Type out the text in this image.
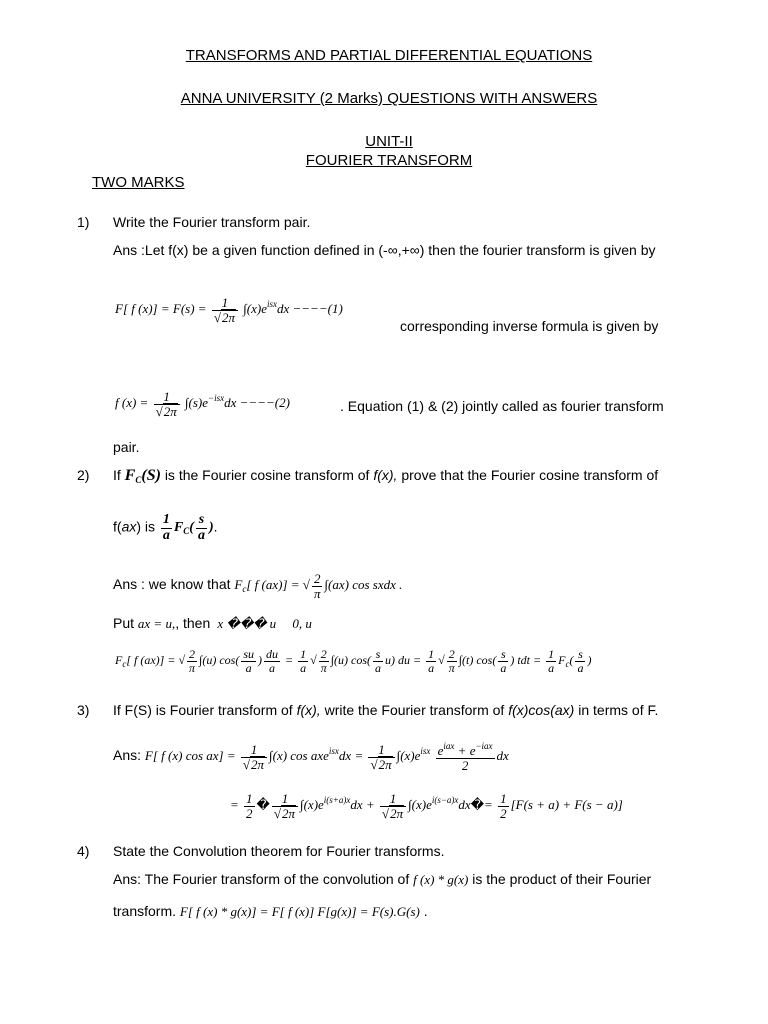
TRANSFORMS AND PARTIAL DIFFERENTIAL EQUATIONS
ANNA UNIVERSITY (2 Marks) QUESTIONS WITH ANSWERS
UNIT-II
FOURIER TRANSFORM
TWO MARKS
1) Write the Fourier transform pair.
Ans :Let f(x) be a given function defined in (-∞,+∞) then the fourier transform is given by
F[ f $(x)] = F(s) = \frac{1}{√2\pi} \int(x)e^{isx}dx ----(1)$
corresponding inverse formula is given by
f $(x) = \frac{1}{√2\pi} \int(s)e^{-isx}dx ----(2)$	. Equation (1) & (2) jointly called as fourier transform
pair.
2) If $F_C(S)$ is the Fourier cosine transform of f(x), prove that the Fourier cosine transform of
f(ax) is $\frac{1}{a} F_C( \frac{s}{a}$ ).
Ans : we know that $F_c$[ f (ax)] = √ $\frac{2}{\pi} \int(ax)$ cos sxdx .
Put ax = u,, then  x ��� u     0, u
$F_c$[ f (ax)] = √ $\frac{2}{\pi} \int(u)$ $\cos( \frac{su}{a}$ ) $\frac{du}{a} = \frac{1}{a}$ √ $\frac{2}{\pi} \int(u)$ $\cos( \frac{s}{a} u)$ du = $\frac{1}{a}$ √ $\frac{2}{\pi} \int(t)$ $\cos( \frac{s}{a}$ ) tdt = $\frac{1}{a} F_c( \frac{s}{a}$ )
3) If F(S) is Fourier transform of f(x), write the Fourier transform of f(x)cos(ax) in terms of F.
Ans: F[ f (x) $\cos ax] = \frac{1}{√2\pi} \int(x)$ $\cos axe^{isx}dx = \frac{1}{√2\pi} \int(x)e^{isx} \frac{e^{iax} + e^{-iax}}{2}$ dx
= $\frac{1}{2}$ � $\frac{1}{√2\pi} \int(x)e^{i(s+a)x}dx + \frac{1}{√2\pi}$ $\int(x)e^{i(s-a)x}dx�= \frac{1}{2} [F(s + a) + F(s - a)]$
4) State the Convolution theorem for Fourier transforms.
Ans: The Fourier transform of the convolution of f (x) * g(x) is the product of their Fourier
transform. F[ f (x) * g(x)] = F[ f (x)] F[g(x)] = F(s).G(s) .
